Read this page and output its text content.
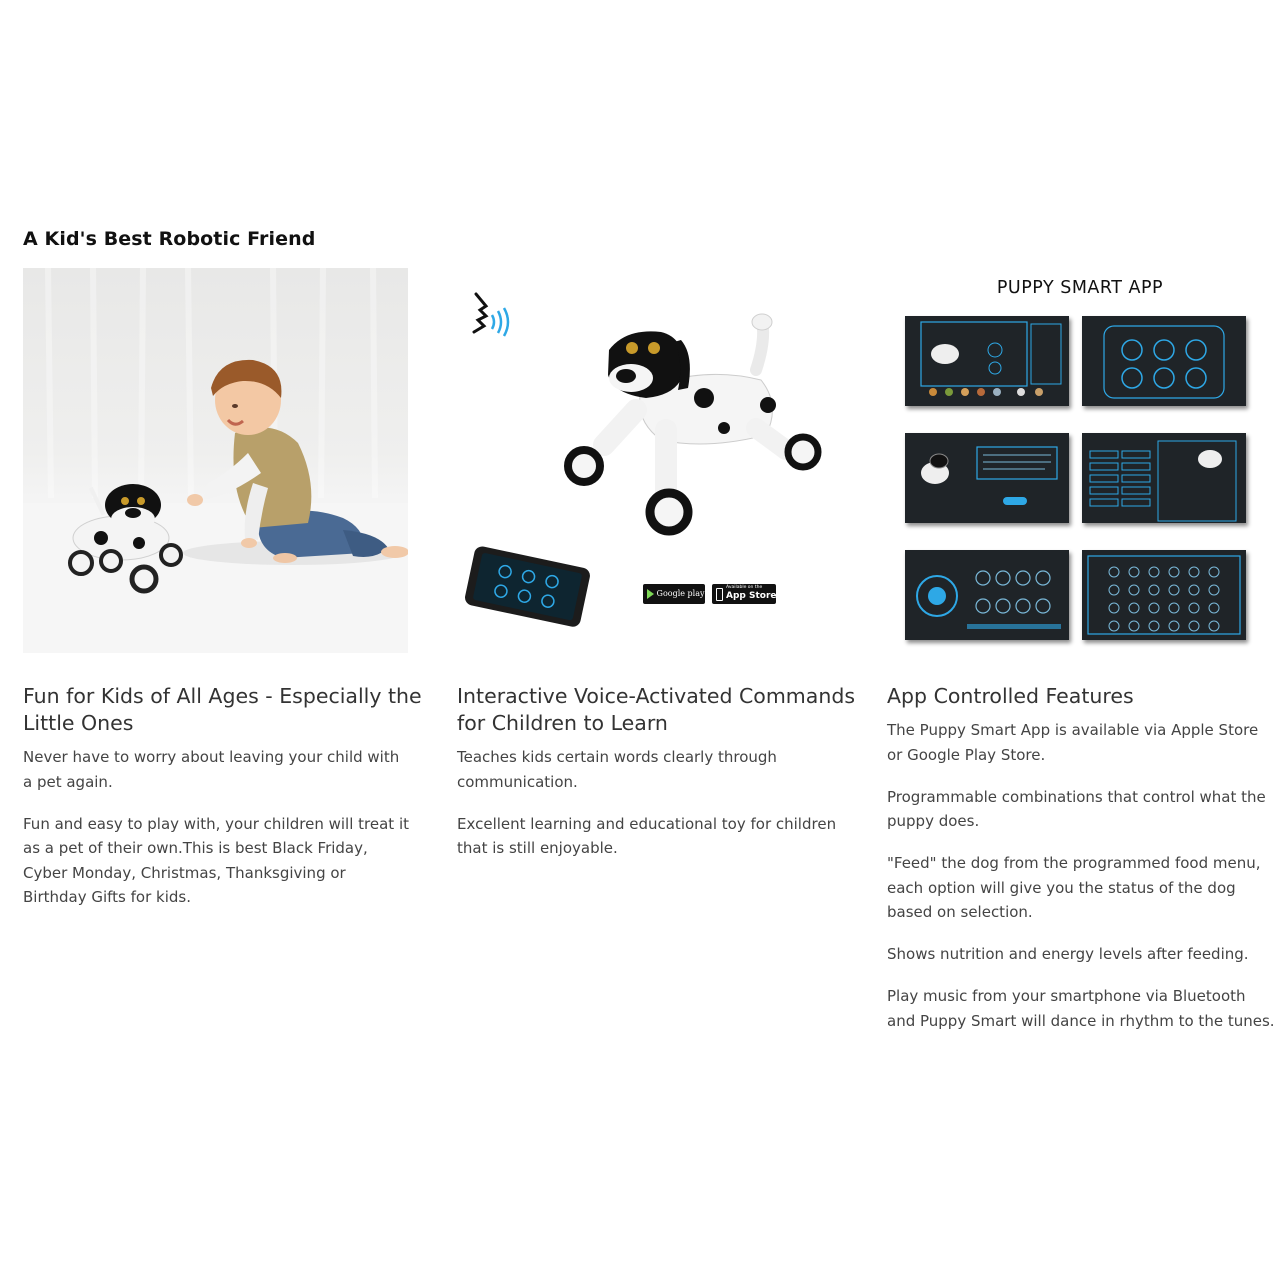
A Kid's Best Robotic Friend
Google play
Available on the
App Store
PUPPY SMART APP
Fun for Kids of All Ages - Especially the Little Ones

Never have to worry about leaving your child with a pet again.

Fun and easy to play with, your children will treat it as a pet of their own.This is best Black Friday, Cyber Monday, Christmas, Thanksgiving or Birthday Gifts for kids.

Interactive Voice-Activated Commands for Children to Learn

Teaches kids certain words clearly through communication.

Excellent learning and educational toy for children that is still enjoyable.

App Controlled Features

The Puppy Smart App is available via Apple Store or Google Play Store.

Programmable combinations that control what the puppy does.

"Feed" the dog from the programmed food menu, each option will give you the status of the dog based on selection.

Shows nutrition and energy levels after feeding.

Play music from your smartphone via Bluetooth and Puppy Smart will dance in rhythm to the tunes.
